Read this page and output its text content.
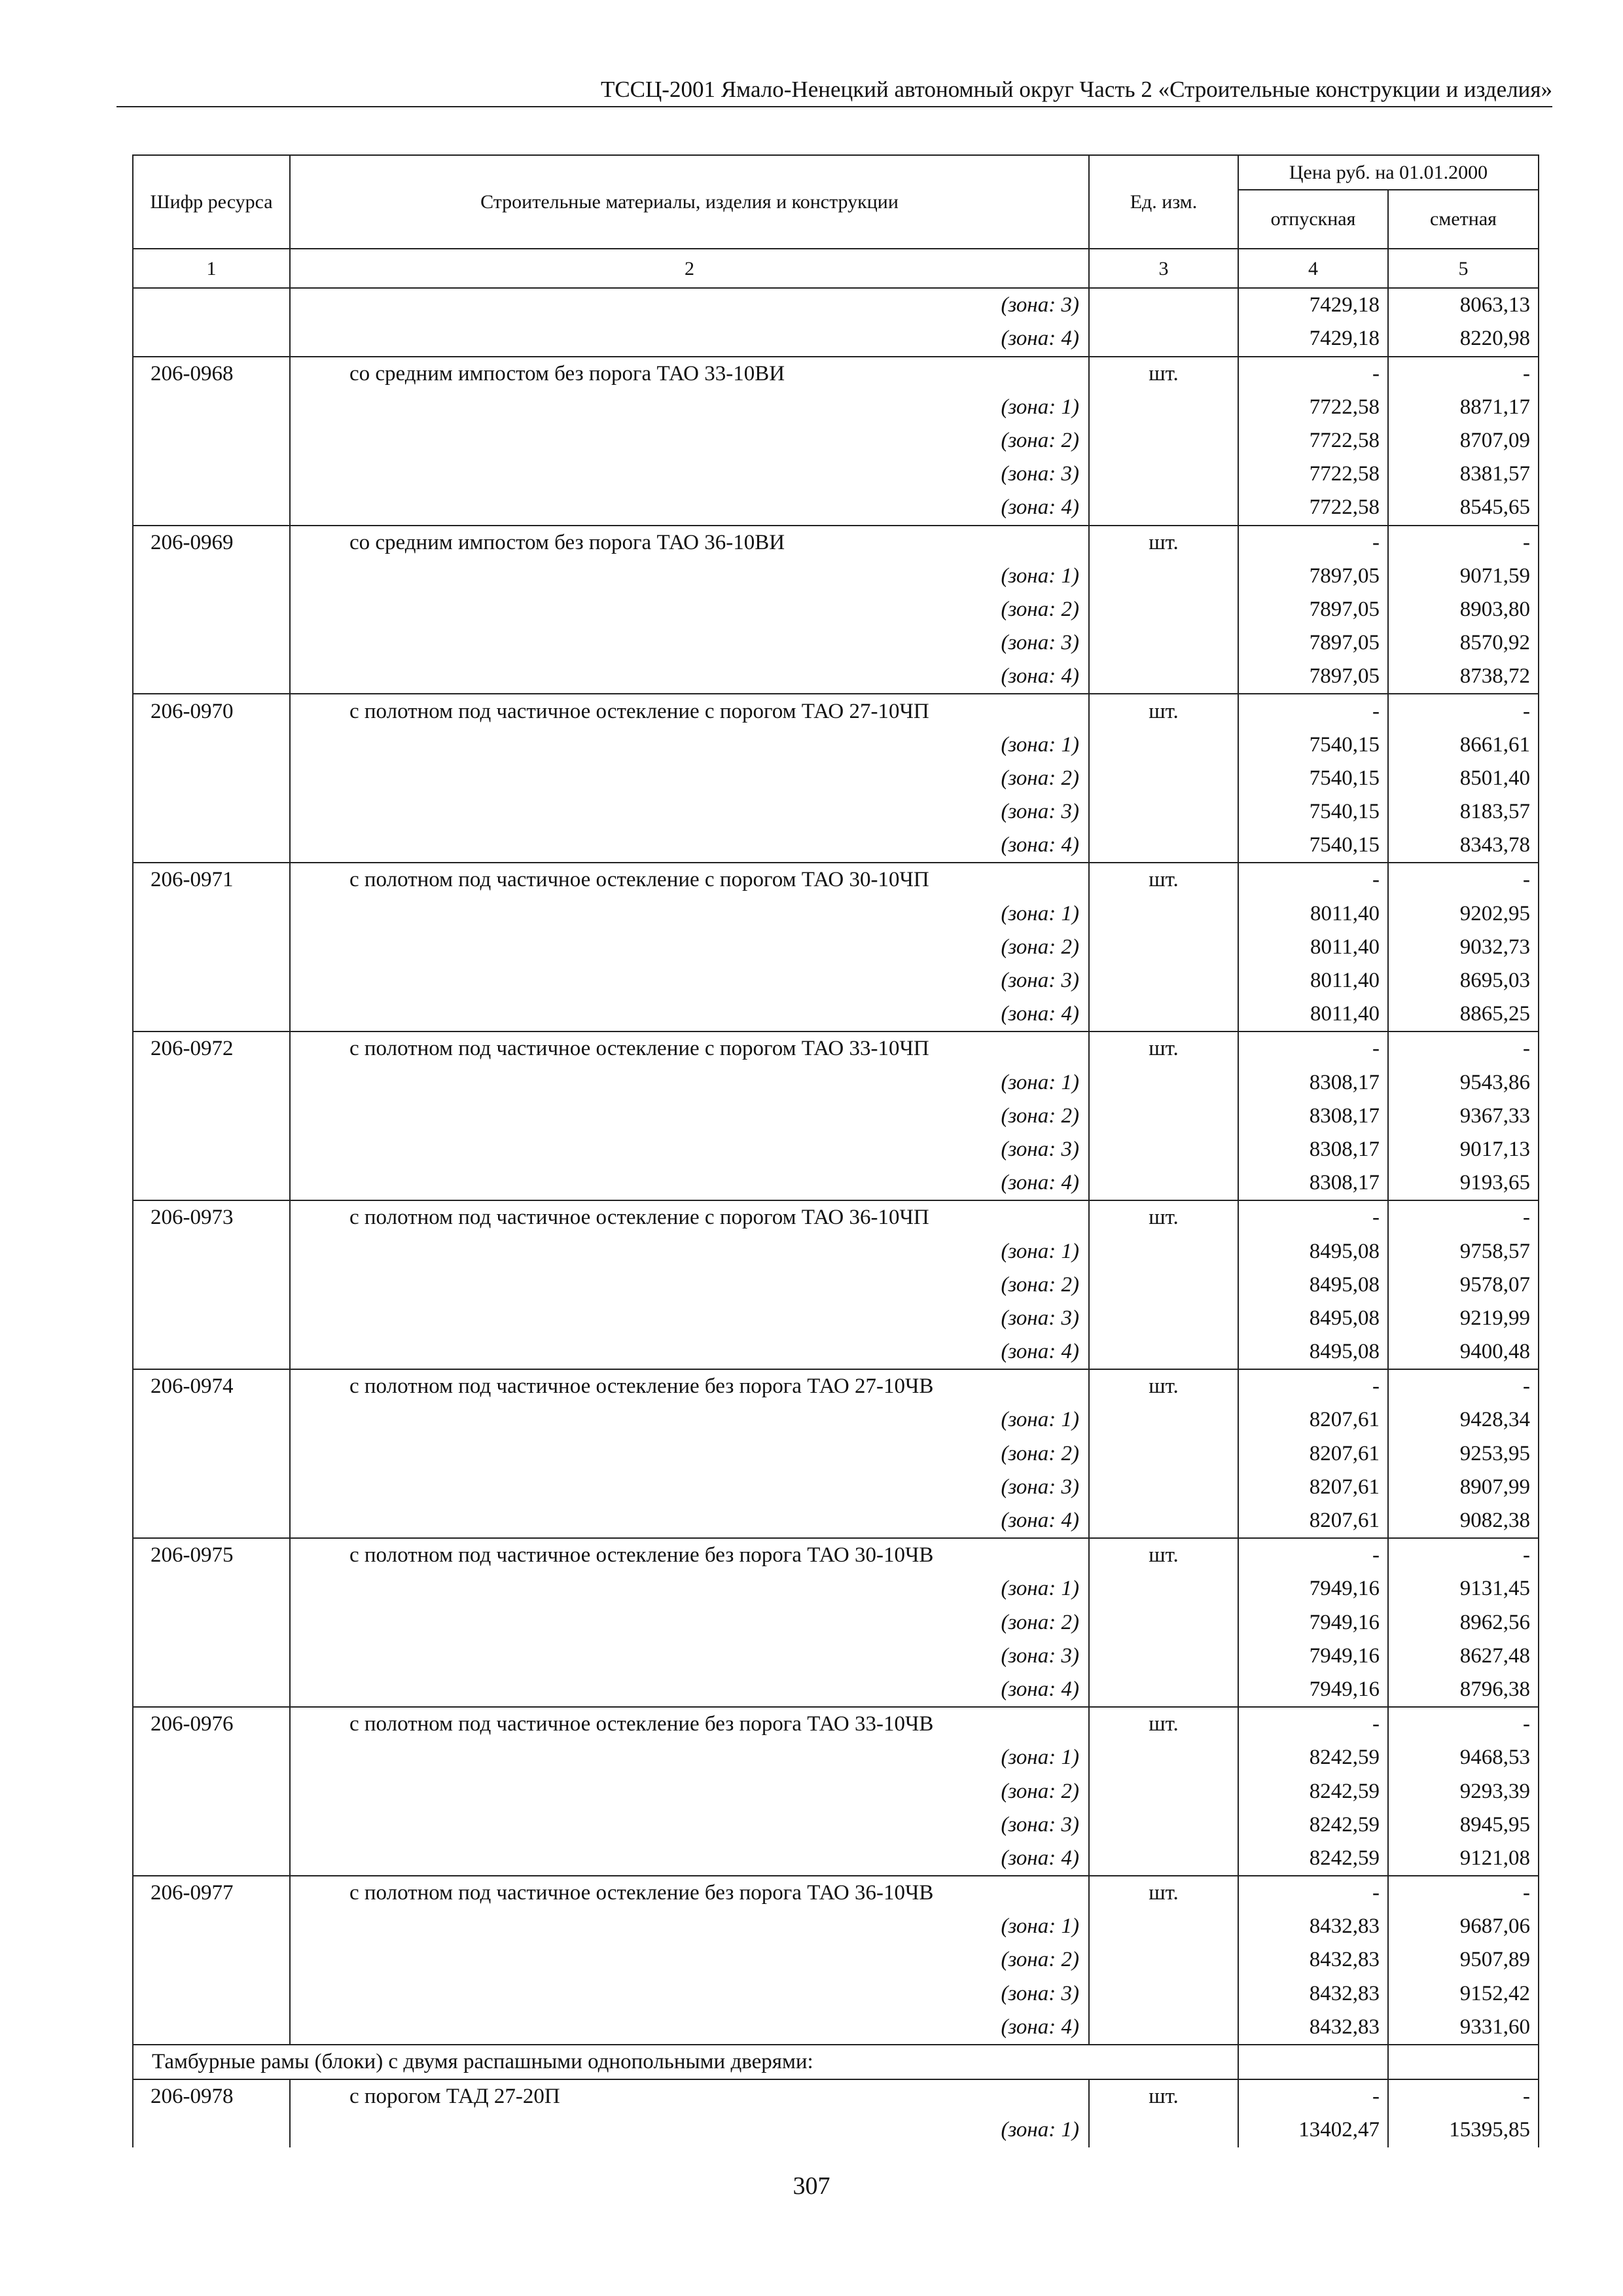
ТССЦ-2001 Ямало-Ненецкий автономный округ Часть 2 «Строительные конструкции и изделия»
Шифр ресурса	Строительные материалы, изделия и конструкции	Ед. изм.	Цена руб. на 01.01.2000	
			отпускная	сметная
1	2	3	4	5
	(зона: 3)		7429,18	8063,13
	(зона: 4)		7429,18	8220,98
206-0968	со средним импостом без порога ТАО 33-10ВИ	шт.	-	-
	(зона: 1)		7722,58	8871,17
	(зона: 2)		7722,58	8707,09
	(зона: 3)		7722,58	8381,57
	(зона: 4)		7722,58	8545,65
206-0969	со средним импостом без порога ТАО 36-10ВИ	шт.	-	-
	(зона: 1)		7897,05	9071,59
	(зона: 2)		7897,05	8903,80
	(зона: 3)		7897,05	8570,92
	(зона: 4)		7897,05	8738,72
206-0970	с полотном под частичное остекление с порогом ТАО 27-10ЧП	шт.	-	-
	(зона: 1)		7540,15	8661,61
	(зона: 2)		7540,15	8501,40
	(зона: 3)		7540,15	8183,57
	(зона: 4)		7540,15	8343,78
206-0971	с полотном под частичное остекление с порогом ТАО 30-10ЧП	шт.	-	-
	(зона: 1)		8011,40	9202,95
	(зона: 2)		8011,40	9032,73
	(зона: 3)		8011,40	8695,03
	(зона: 4)		8011,40	8865,25
206-0972	с полотном под частичное остекление с порогом ТАО 33-10ЧП	шт.	-	-
	(зона: 1)		8308,17	9543,86
	(зона: 2)		8308,17	9367,33
	(зона: 3)		8308,17	9017,13
	(зона: 4)		8308,17	9193,65
206-0973	с полотном под частичное остекление с порогом ТАО 36-10ЧП	шт.	-	-
	(зона: 1)		8495,08	9758,57
	(зона: 2)		8495,08	9578,07
	(зона: 3)		8495,08	9219,99
	(зона: 4)		8495,08	9400,48
206-0974	с полотном под частичное остекление без порога ТАО 27-10ЧВ	шт.	-	-
	(зона: 1)		8207,61	9428,34
	(зона: 2)		8207,61	9253,95
	(зона: 3)		8207,61	8907,99
	(зона: 4)		8207,61	9082,38
206-0975	с полотном под частичное остекление без порога ТАО 30-10ЧВ	шт.	-	-
	(зона: 1)		7949,16	9131,45
	(зона: 2)		7949,16	8962,56
	(зона: 3)		7949,16	8627,48
	(зона: 4)		7949,16	8796,38
206-0976	с полотном под частичное остекление без порога ТАО 33-10ЧВ	шт.	-	-
	(зона: 1)		8242,59	9468,53
	(зона: 2)		8242,59	9293,39
	(зона: 3)		8242,59	8945,95
	(зона: 4)		8242,59	9121,08
206-0977	с полотном под частичное остекление без порога ТАО 36-10ЧВ	шт.	-	-
	(зона: 1)		8432,83	9687,06
	(зона: 2)		8432,83	9507,89
	(зона: 3)		8432,83	9152,42
	(зона: 4)		8432,83	9331,60
Тамбурные рамы (блоки) с двумя распашными однопольными дверями:				
206-0978	с порогом ТАД 27-20П	шт.	-	-
	(зона: 1)		13402,47	15395,85
307
